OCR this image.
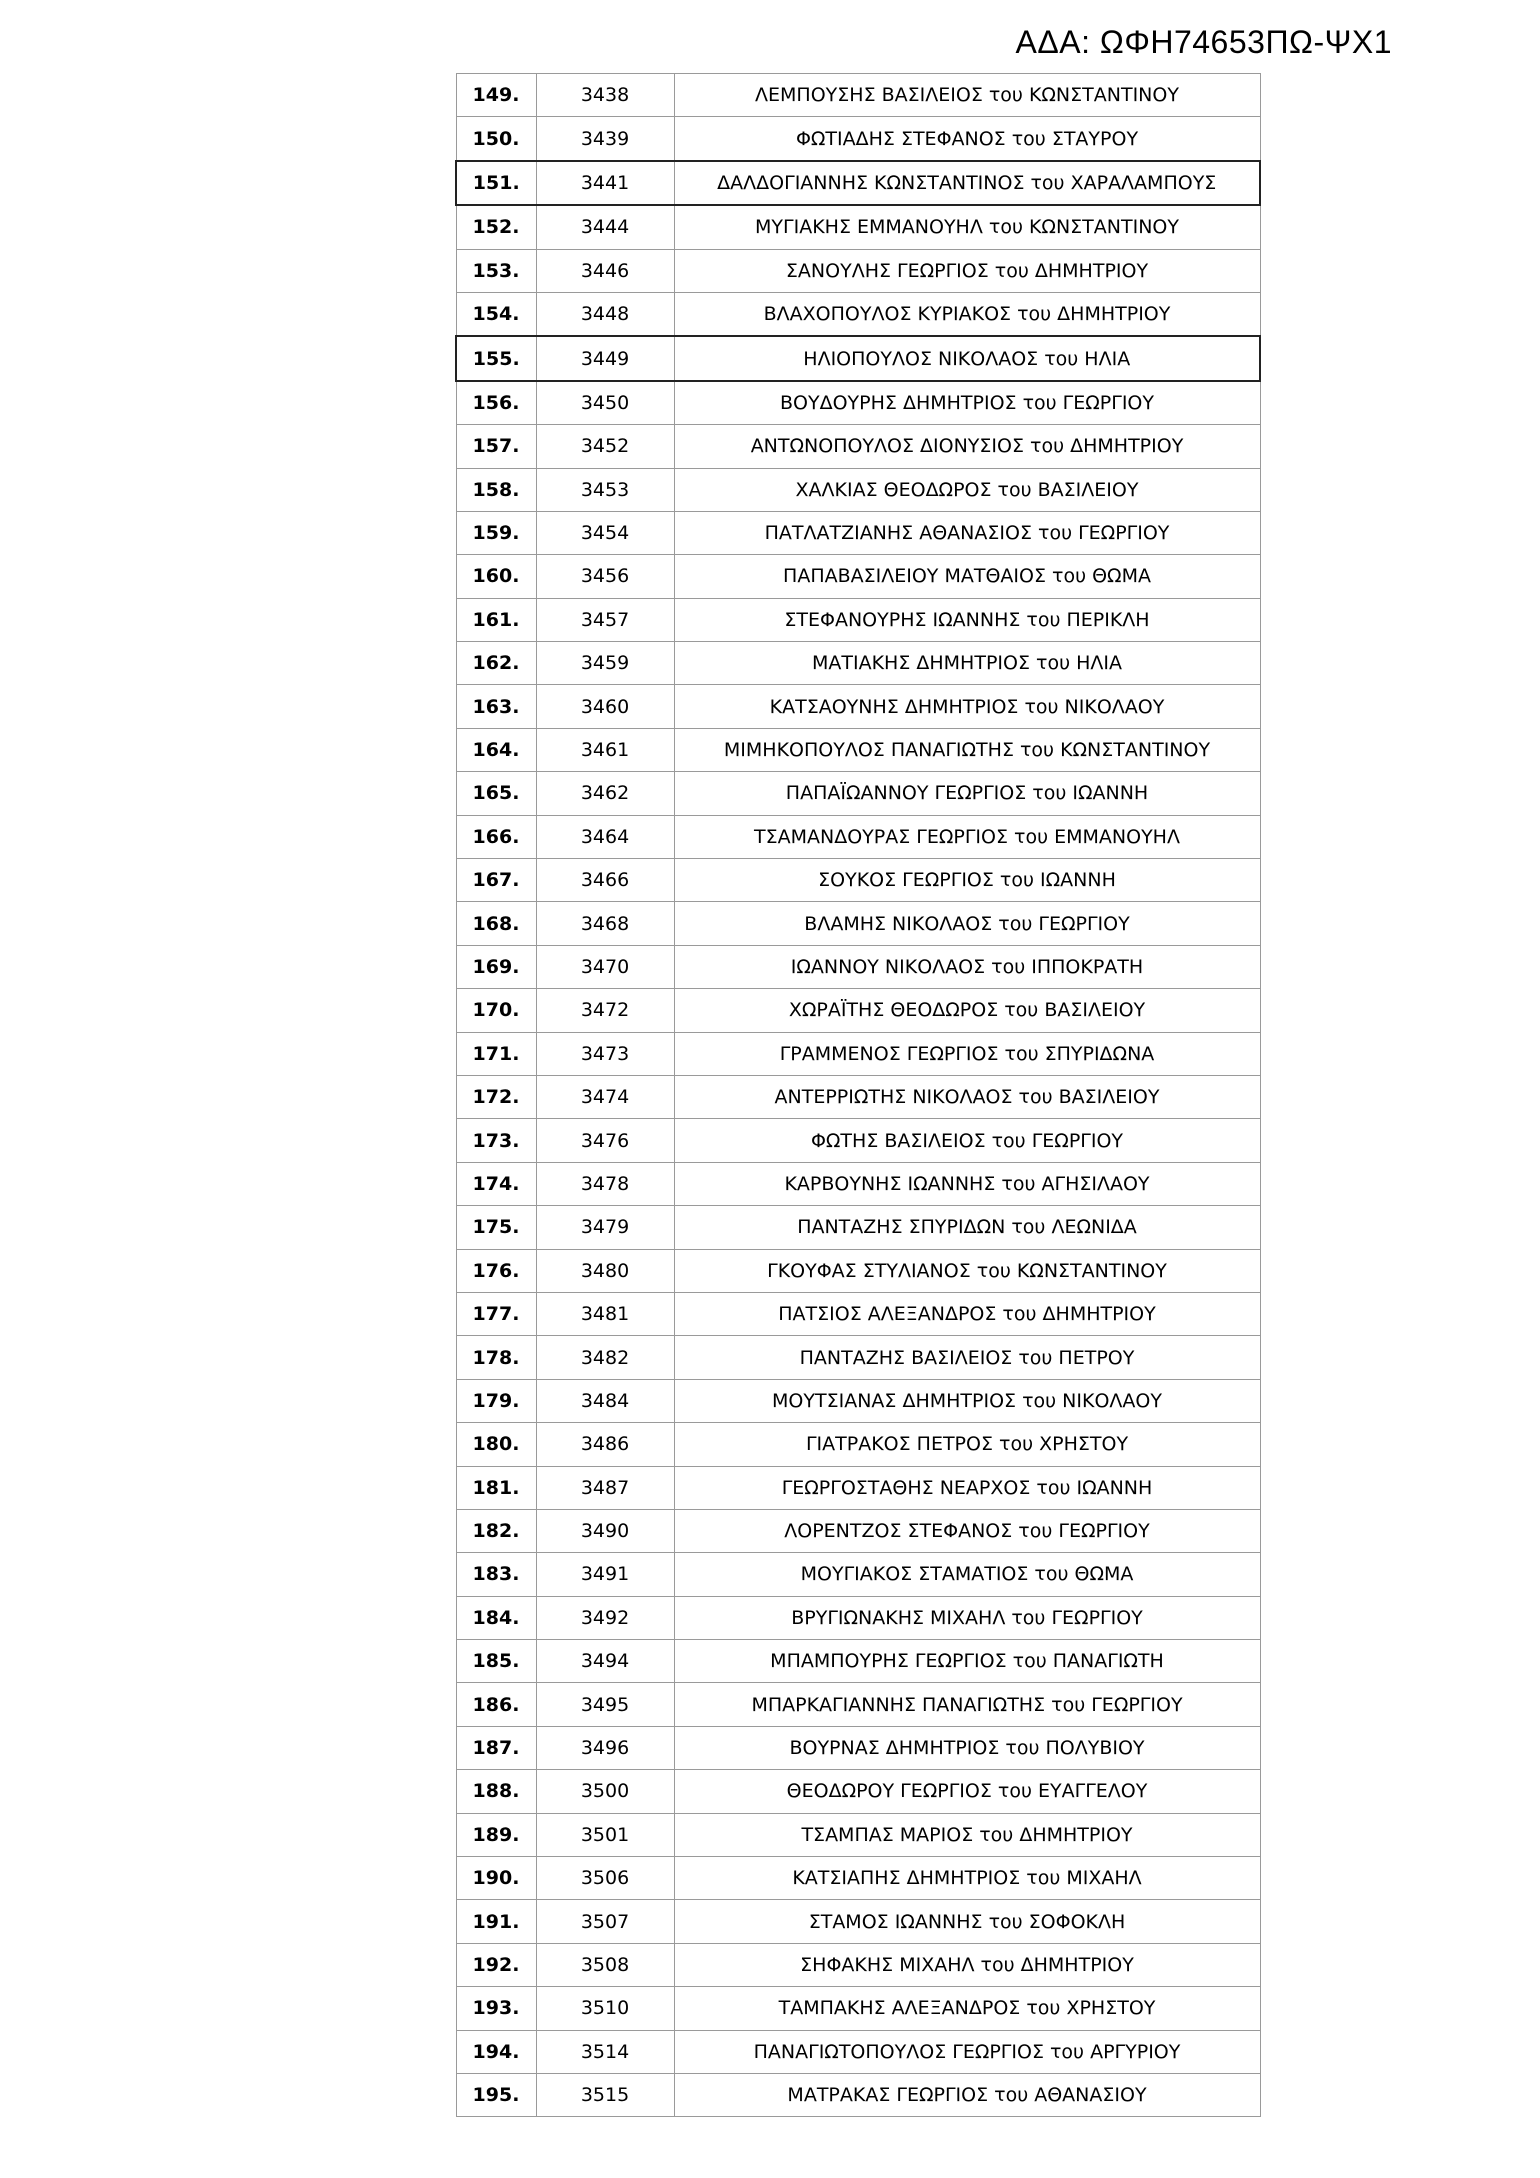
ΑΔΑ: ΩΦΗ74653ΠΩ-ΨΧ1
149.	3438	ΛΕΜΠΟΥΣΗΣ ΒΑΣΙΛΕΙΟΣ του ΚΩΝΣΤΑΝΤΙΝΟΥ
150.	3439	ΦΩΤΙΑΔΗΣ ΣΤΕΦΑΝΟΣ του ΣΤΑΥΡΟΥ
151.	3441	ΔΑΛΔΟΓΙΑΝΝΗΣ ΚΩΝΣΤΑΝΤΙΝΟΣ του ΧΑΡΑΛΑΜΠΟΥΣ
152.	3444	ΜΥΓΙΑΚΗΣ ΕΜΜΑΝΟΥΗΛ του ΚΩΝΣΤΑΝΤΙΝΟΥ
153.	3446	ΣΑΝΟΥΛΗΣ ΓΕΩΡΓΙΟΣ του ΔΗΜΗΤΡΙΟΥ
154.	3448	ΒΛΑΧΟΠΟΥΛΟΣ ΚΥΡΙΑΚΟΣ του ΔΗΜΗΤΡΙΟΥ
155.	3449	ΗΛΙΟΠΟΥΛΟΣ ΝΙΚΟΛΑΟΣ του ΗΛΙΑ
156.	3450	ΒΟΥΔΟΥΡΗΣ ΔΗΜΗΤΡΙΟΣ του ΓΕΩΡΓΙΟΥ
157.	3452	ΑΝΤΩΝΟΠΟΥΛΟΣ ΔΙΟΝΥΣΙΟΣ του ΔΗΜΗΤΡΙΟΥ
158.	3453	ΧΑΛΚΙΑΣ ΘΕΟΔΩΡΟΣ του ΒΑΣΙΛΕΙΟΥ
159.	3454	ΠΑΤΛΑΤΖΙΑΝΗΣ ΑΘΑΝΑΣΙΟΣ του ΓΕΩΡΓΙΟΥ
160.	3456	ΠΑΠΑΒΑΣΙΛΕΙΟΥ ΜΑΤΘΑΙΟΣ του ΘΩΜΑ
161.	3457	ΣΤΕΦΑΝΟΥΡΗΣ ΙΩΑΝΝΗΣ του ΠΕΡΙΚΛΗ
162.	3459	ΜΑΤΙΑΚΗΣ ΔΗΜΗΤΡΙΟΣ του ΗΛΙΑ
163.	3460	ΚΑΤΣΑΟΥΝΗΣ ΔΗΜΗΤΡΙΟΣ του ΝΙΚΟΛΑΟΥ
164.	3461	ΜΙΜΗΚΟΠΟΥΛΟΣ ΠΑΝΑΓΙΩΤΗΣ του ΚΩΝΣΤΑΝΤΙΝΟΥ
165.	3462	ΠΑΠΑΪΩΑΝΝΟΥ ΓΕΩΡΓΙΟΣ του ΙΩΑΝΝΗ
166.	3464	ΤΣΑΜΑΝΔΟΥΡΑΣ ΓΕΩΡΓΙΟΣ του ΕΜΜΑΝΟΥΗΛ
167.	3466	ΣΟΥΚΟΣ ΓΕΩΡΓΙΟΣ του ΙΩΑΝΝΗ
168.	3468	ΒΛΑΜΗΣ ΝΙΚΟΛΑΟΣ του ΓΕΩΡΓΙΟΥ
169.	3470	ΙΩΑΝΝΟΥ ΝΙΚΟΛΑΟΣ του ΙΠΠΟΚΡΑΤΗ
170.	3472	ΧΩΡΑΪΤΗΣ ΘΕΟΔΩΡΟΣ του ΒΑΣΙΛΕΙΟΥ
171.	3473	ΓΡΑΜΜΕΝΟΣ ΓΕΩΡΓΙΟΣ του ΣΠΥΡΙΔΩΝΑ
172.	3474	ΑΝΤΕΡΡΙΩΤΗΣ ΝΙΚΟΛΑΟΣ του ΒΑΣΙΛΕΙΟΥ
173.	3476	ΦΩΤΗΣ ΒΑΣΙΛΕΙΟΣ του ΓΕΩΡΓΙΟΥ
174.	3478	ΚΑΡΒΟΥΝΗΣ ΙΩΑΝΝΗΣ του ΑΓΗΣΙΛΑΟΥ
175.	3479	ΠΑΝΤΑΖΗΣ ΣΠΥΡΙΔΩΝ του ΛΕΩΝΙΔΑ
176.	3480	ΓΚΟΥΦΑΣ ΣΤΥΛΙΑΝΟΣ του ΚΩΝΣΤΑΝΤΙΝΟΥ
177.	3481	ΠΑΤΣΙΟΣ ΑΛΕΞΑΝΔΡΟΣ του ΔΗΜΗΤΡΙΟΥ
178.	3482	ΠΑΝΤΑΖΗΣ ΒΑΣΙΛΕΙΟΣ του ΠΕΤΡΟΥ
179.	3484	ΜΟΥΤΣΙΑΝΑΣ ΔΗΜΗΤΡΙΟΣ του ΝΙΚΟΛΑΟΥ
180.	3486	ΓΙΑΤΡΑΚΟΣ ΠΕΤΡΟΣ του ΧΡΗΣΤΟΥ
181.	3487	ΓΕΩΡΓΟΣΤΑΘΗΣ ΝΕΑΡΧΟΣ του ΙΩΑΝΝΗ
182.	3490	ΛΟΡΕΝΤΖΟΣ ΣΤΕΦΑΝΟΣ του ΓΕΩΡΓΙΟΥ
183.	3491	ΜΟΥΓΙΑΚΟΣ ΣΤΑΜΑΤΙΟΣ του ΘΩΜΑ
184.	3492	ΒΡΥΓΙΩΝΑΚΗΣ ΜΙΧΑΗΛ του ΓΕΩΡΓΙΟΥ
185.	3494	ΜΠΑΜΠΟΥΡΗΣ ΓΕΩΡΓΙΟΣ του ΠΑΝΑΓΙΩΤΗ
186.	3495	ΜΠΑΡΚΑΓΙΑΝΝΗΣ ΠΑΝΑΓΙΩΤΗΣ του ΓΕΩΡΓΙΟΥ
187.	3496	ΒΟΥΡΝΑΣ ΔΗΜΗΤΡΙΟΣ του ΠΟΛΥΒΙΟΥ
188.	3500	ΘΕΟΔΩΡΟΥ ΓΕΩΡΓΙΟΣ του ΕΥΑΓΓΕΛΟΥ
189.	3501	ΤΣΑΜΠΑΣ ΜΑΡΙΟΣ του ΔΗΜΗΤΡΙΟΥ
190.	3506	ΚΑΤΣΙΑΠΗΣ ΔΗΜΗΤΡΙΟΣ του ΜΙΧΑΗΛ
191.	3507	ΣΤΑΜΟΣ ΙΩΑΝΝΗΣ του ΣΟΦΟΚΛΗ
192.	3508	ΣΗΦΑΚΗΣ ΜΙΧΑΗΛ του ΔΗΜΗΤΡΙΟΥ
193.	3510	ΤΑΜΠΑΚΗΣ ΑΛΕΞΑΝΔΡΟΣ του ΧΡΗΣΤΟΥ
194.	3514	ΠΑΝΑΓΙΩΤΟΠΟΥΛΟΣ ΓΕΩΡΓΙΟΣ του ΑΡΓΥΡΙΟΥ
195.	3515	ΜΑΤΡΑΚΑΣ ΓΕΩΡΓΙΟΣ του ΑΘΑΝΑΣΙΟΥ
